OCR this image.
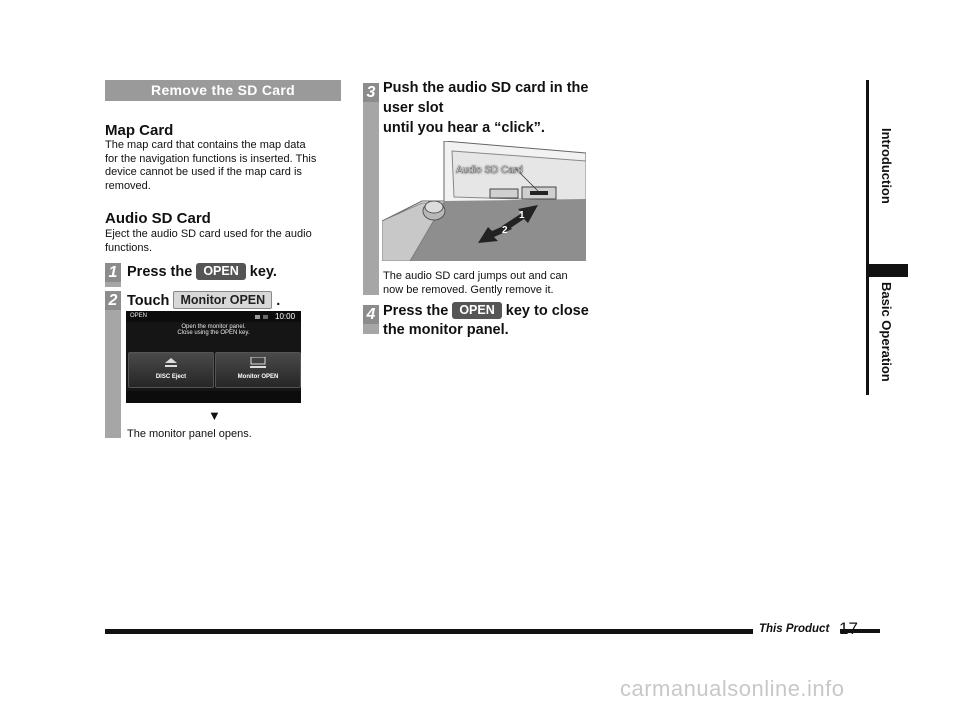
Remove the SD Card
Map Card
The map card that contains the map data
for the navigation functions is inserted. This
device cannot be used if the map card is
removed.
Audio SD Card
Eject the audio SD card used for the audio
functions.
1 Press the OPEN key.
2 Touch Monitor OPEN .
OPEN	10:00
Open the monitor panel.
Close using the OPEN key.
DISC Eject	Monitor OPEN
▼
The monitor panel opens.
3 Push the audio SD card in the
user slot
until you hear a “click”.
Audio SD Card
1
2
The audio SD card jumps out and can
now be removed. Gently remove it.
4 Press the OPEN key to close
the monitor panel.
Introduction
Basic Operation
This Product
carmanualsonline.info
